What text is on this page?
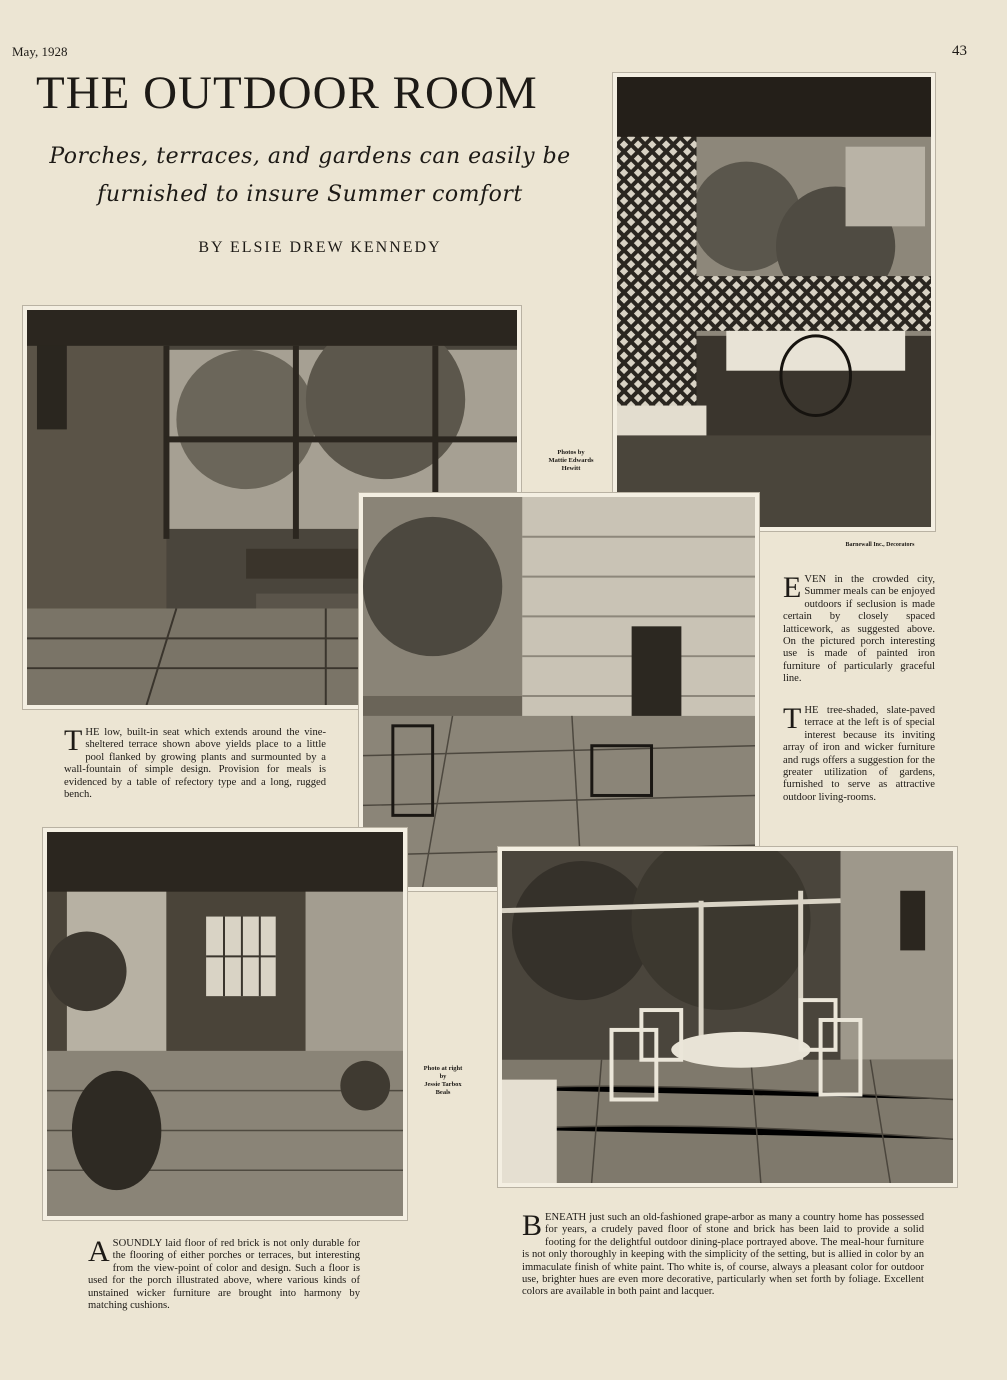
May, 1928	43
THE OUTDOOR ROOM
Porches, terraces, and gardens can easily be
furnished to insure Summer comfort
BY ELSIE DREW KENNEDY
Photos by
Mattie Edwards
Hewitt
Barnewall Inc., Decorators
THE low, built-in seat which extends around the vine-sheltered terrace shown above yields place to a little pool flanked by growing plants and surmounted by a wall-fountain of simple design. Provision for meals is evidenced by a table of refectory type and a long, rugged bench.
EVEN in the crowded city, Summer meals can be enjoyed outdoors if seclusion is made certain by closely spaced latticework, as suggested above. On the pictured porch interesting use is made of painted iron furniture of particularly graceful line.
THE tree-shaded, slate-paved terrace at the left is of special interest because its inviting array of iron and wicker furniture and rugs offers a suggestion for the greater utilization of gardens, furnished to serve as attractive outdoor living-rooms.
Photo at right
by
Jessie Tarbox
Beals
ASOUNDLY laid floor of red brick is not only durable for the flooring of either porches or terraces, but interesting from the view-point of color and design. Such a floor is used for the porch illustrated above, where various kinds of unstained wicker furniture are brought into harmony by matching cushions.
BENEATH just such an old-fashioned grape-arbor as many a country home has possessed for years, a crudely paved floor of stone and brick has been laid to provide a solid footing for the delightful outdoor dining-place portrayed above. The meal-hour furniture is not only thoroughly in keeping with the simplicity of the setting, but is allied in color by an immaculate finish of white paint. Tho white is, of course, always a pleasant color for outdoor use, brighter hues are even more decorative, particularly when set forth by foliage. Excellent colors are available in both paint and lacquer.
